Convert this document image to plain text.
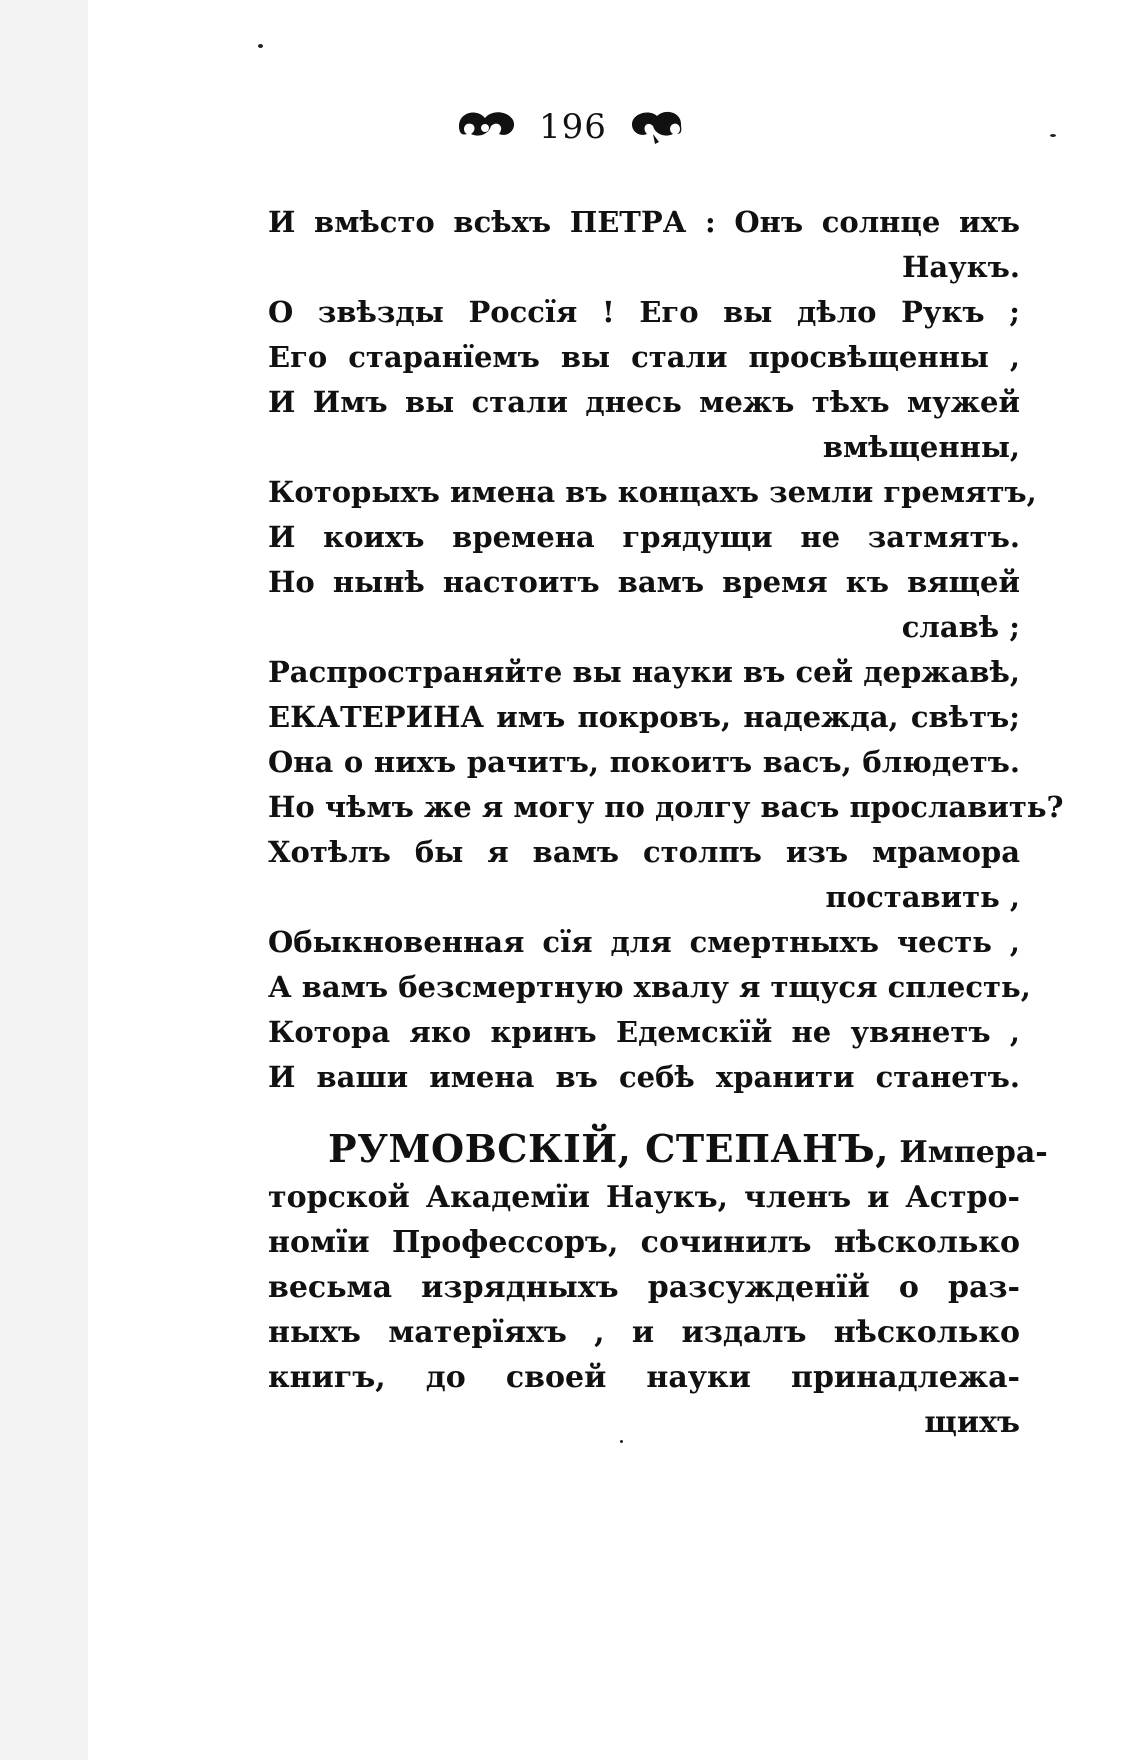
196
И вмѣсто всѣхъ ПЕТРА : Онъ солнце ихъ
Наукъ.
О звѣзды Россїя ! Его вы дѣло Рукъ ;
Его старанїемъ вы стали просвѣщенны ,
И Имъ вы стали днесь межъ тѣхъ мужей
вмѣщенны,
Которыхъ имена въ концахъ земли гремятъ,
И коихъ времена грядущи не затмятъ.
Но нынѣ настоитъ вамъ время къ вящей
славѣ ;
Распространяйте вы науки въ сей державѣ,
ЕКАТЕРИНА имъ покровъ, надежда, свѣтъ;
Она о нихъ рачитъ, покоитъ васъ, блюдетъ.
Но чѣмъ же я могу по долгу васъ прославить?
Хотѣлъ бы я вамъ столпъ изъ мрамора
поставить ,
Обыкновенная сїя для смертныхъ честь ,
А вамъ безсмертную хвалу я тщуся сплесть,
Котора яко кринъ Едемскїй не увянетъ ,
И ваши имена въ себѣ хранити станетъ.
РУМОВСКІЙ, СТЕПАНЪ, Импера-
торской Академїи Наукъ, членъ и Астро-
номїи Профессоръ, сочинилъ нѣсколько
весьма изрядныхъ разсужденїй о раз-
ныхъ матерїяхъ , и издалъ нѣсколько
книгъ, до своей науки принадлежа-
щихъ
